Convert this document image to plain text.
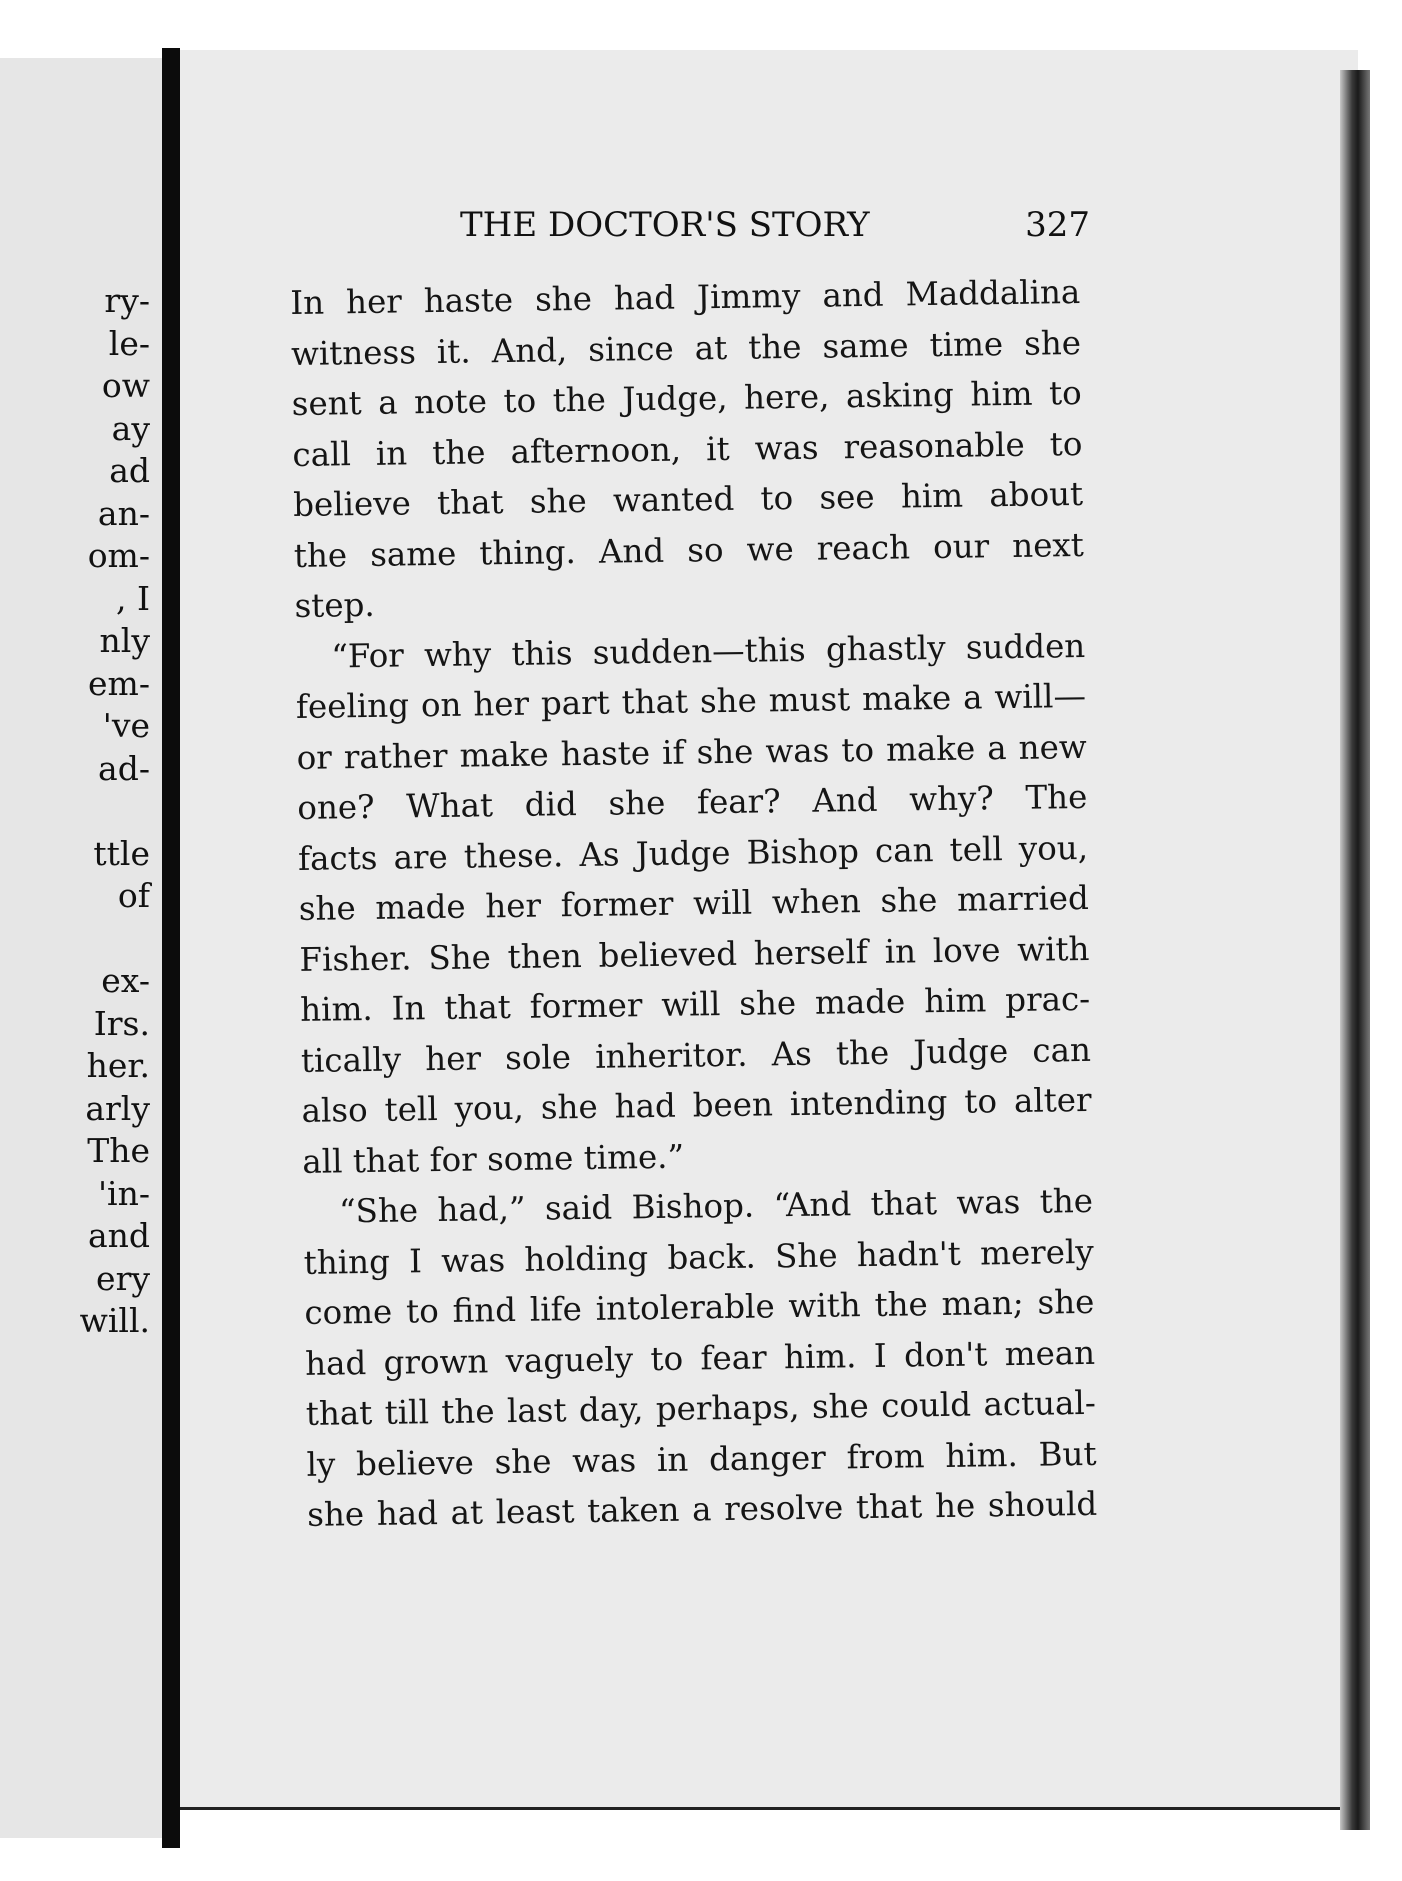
ry-
le-
ow
ay
ad
an-
om-
, I
nly
em-
've
ad-
ttle
of
ex-
Irs.
her.
arly
The
'in-
and
ery
will.
THE DOCTOR'S STORY	327
In her haste she had Jimmy and Maddalina
witness it. And, since at the same time she
sent a note to the Judge, here, asking him to
call in the afternoon, it was reasonable to
believe that she wanted to see him about
the same thing. And so we reach our next
step.
“For why this sudden—this ghastly sudden
feeling on her part that she must make a will—
or rather make haste if she was to make a new
one? What did she fear? And why? The
facts are these. As Judge Bishop can tell you,
she made her former will when she married
Fisher. She then believed herself in love with
him. In that former will she made him prac-
tically her sole inheritor. As the Judge can
also tell you, she had been intending to alter
all that for some time.”
“She had,” said Bishop. “And that was the
thing I was holding back. She hadn't merely
come to find life intolerable with the man; she
had grown vaguely to fear him. I don't mean
that till the last day, perhaps, she could actual-
ly believe she was in danger from him. But
she had at least taken a resolve that he should
